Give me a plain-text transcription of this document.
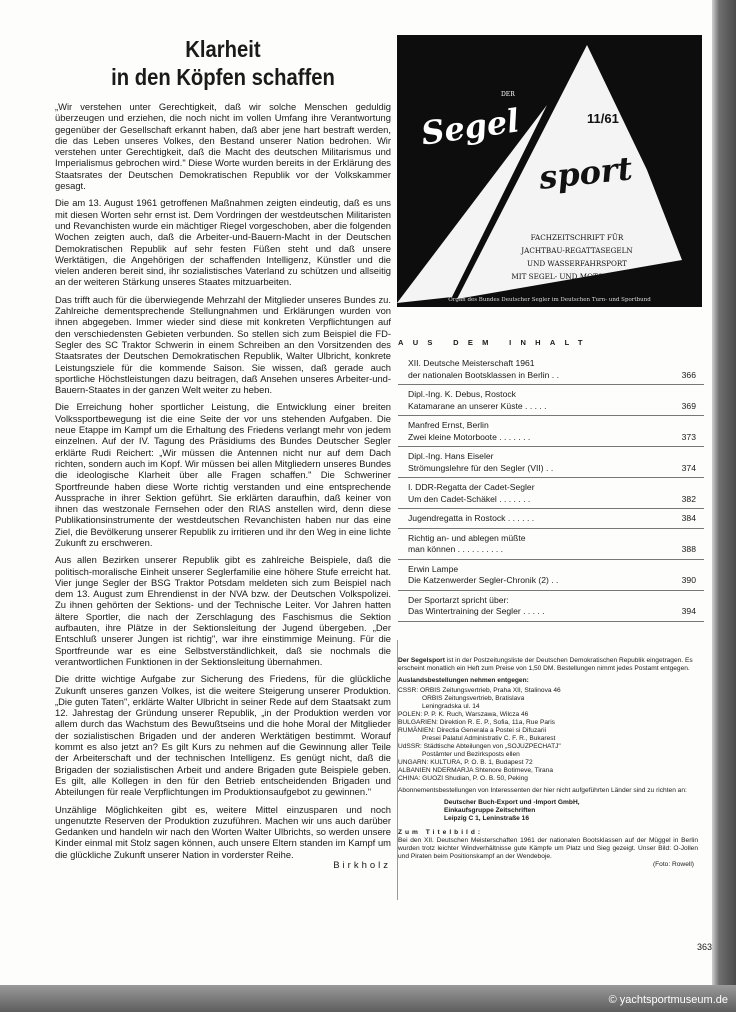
Klarheit
in den Köpfen schaffen

„Wir verstehen unter Gerechtigkeit, daß wir solche Menschen geduldig überzeugen und erziehen, die noch nicht im vollen Umfang ihre Verantwortung gegenüber der Gesellschaft erkannt haben, daß aber jene hart bestraft werden, die das Leben unseres Volkes, den Bestand unserer Nation bedrohen. Wir verstehen unter Gerechtigkeit, daß die Macht des deutschen Militarismus und Imperialismus gebrochen wird." Diese Worte wurden bereits in der Erklärung des Staatsrates der Deutschen Demokratischen Republik vor der Volkskammer gesagt.

Die am 13. August 1961 getroffenen Maßnahmen zeigten eindeutig, daß es uns mit diesen Worten sehr ernst ist. Dem Vordringen der westdeutschen Militaristen und Revanchisten wurde ein mächtiger Riegel vorgeschoben, aber die folgenden Wochen zeigten auch, daß die Arbeiter-und-Bauern-Macht in der Deutschen Demokratischen Republik auf sehr festen Füßen steht und daß unsere Werktätigen, die Angehörigen der schaffenden Intelligenz, Künstler und die vielen anderen bereit sind, ihr sozialistisches Vaterland zu schützen und allseitig an der weiteren Stärkung unseres Staates mitzuarbeiten.

Das trifft auch für die überwiegende Mehrzahl der Mitglieder unseres Bundes zu. Zahlreiche dementsprechende Stellungnahmen und Erklärungen wurden von ihnen abgegeben. Immer wieder sind diese mit konkreten Verpflichtungen auf den verschiedensten Gebieten verbunden. So stellen sich zum Beispiel die FD-Segler des SC Traktor Schwerin in einem Schreiben an den Vorsitzenden des Staatsrates der Deutschen Demokratischen Republik, Walter Ulbricht, konkrete Leistungsziele für die kommende Saison. Sie wissen, daß gerade auch sportliche Höchstleistungen dazu beitragen, daß Ansehen unseres Arbeiter-und-Bauern-Staates in der ganzen Welt weiter zu heben.

Die Erreichung hoher sportlicher Leistung, die Entwicklung einer breiten Volkssportbewegung ist die eine Seite der vor uns stehenden Aufgaben. Die neue Etappe im Kampf um die Erhaltung des Friedens verlangt mehr von jedem einzelnen. Auf der IV. Tagung des Präsidiums des Bundes Deutscher Segler erklärte Rudi Reichert: „Wir müssen die Antennen nicht nur auf dem Dach richten, sondern auch im Kopf. Wir müssen bei allen Mitgliedern unseres Bundes die ideologische Klarheit über alle Fragen schaffen." Die Schweriner Sportfreunde haben diese Worte richtig verstanden und eine entsprechende Aussprache in ihrer Sektion geführt. Sie erklärten daraufhin, daß keiner von ihnen das westzonale Fernsehen oder den RIAS anstellen wird, denn diese Publikationsinstrumente der westdeutschen Revanchisten haben nur das eine Ziel, die Bevölkerung unserer Republik zu irritieren und ihr den Weg in eine lichte Zukunft zu erschweren.

Aus allen Bezirken unserer Republik gibt es zahlreiche Beispiele, daß die politisch-moralische Einheit unserer Seglerfamilie eine höhere Stufe erreicht hat. Vier junge Segler der BSG Traktor Potsdam meldeten sich zum Beispiel nach dem 13. August zum Ehrendienst in der NVA bzw. der Deutschen Volkspolizei. Zu ihnen gehörten der Sektions- und der Technische Leiter. Vor Jahren hatten ältere Sportler, die nach der Zerschlagung des Faschismus die Sektion aufbauten, ihre Plätze in der Sektionsleitung der Jugend übergeben. „Der Entschluß unserer Jungen ist richtig", war ihre einstimmige Meinung. Für die Sportfreunde war es eine Selbstverständlichkeit, daß sie nochmals die verantwortlichen Funktionen in der Sektionsleitung übernahmen.

Die dritte wichtige Aufgabe zur Sicherung des Friedens, für die glückliche Zukunft unseres ganzen Volkes, ist die weitere Steigerung unserer Produktion. „Die guten Taten", erklärte Walter Ulbricht in seiner Rede auf dem Staatsakt zum 12. Jahrestag der Gründung unserer Republik, „in der Produktion werden vor allem durch das Wachstum des Bewußtseins und die hohe Moral der Mitglieder der sozialistischen Brigaden und der anderen Werktätigen bestimmt. Worauf kommt es also jetzt an? Es gilt Kurs zu nehmen auf die Gewinnung aller Teile der Arbeiterschaft und der technischen Intelligenz. Es genügt nicht, daß die Brigaden der sozialistischen Arbeit und andere Brigaden gute Beispiele geben. Es gilt, alle Kollegen in den für den Betrieb entscheidenden Brigaden und Abteilungen für reale Verpflichtungen im Produktionsaufgebot zu gewinnen."

Unzählige Möglichkeiten gibt es, weitere Mittel einzusparen und noch ungenutzte Reserven der Produktion zuzuführen. Machen wir uns auch darüber Gedanken und handeln wir nach den Worten Walter Ulbrichts, so werden unsere Kinder einmal mit Stolz sagen können, auch unsere Eltern standen im Kampf um die glückliche Zukunft unserer Nation in vorderster Reihe.

Birkholz
DER
Segel
sport
11/61
FACHZEITSCHRIFT FÜR
JACHTBAU-REGATTASEGELN
UND WASSERFAHRSPORT
MIT SEGEL- UND MOTORBOOTEN
Organ des Bundes Deutscher Segler im Deutschen Turn- und Sportbund
AUS DEM INHALT
XII. Deutsche Meisterschaft 1961
der nationalen Bootsklassen in Berlin . .	366
Dipl.-Ing. K. Debus, Rostock
Katamarane an unserer Küste . . . . .	369
Manfred Ernst, Berlin
Zwei kleine Motorboote . . . . . . .	373
Dipl.-Ing. Hans Eiseler
Strömungslehre für den Segler (VII) . .	374
I. DDR-Regatta der Cadet-Segler
Um den Cadet-Schäkel . . . . . . .	382
Jugendregatta in Rostock . . . . . .	384
Richtig an- und ablegen müßte
man können . . . . . . . . . .	388
Erwin Lampe
Die Katzenwerder Segler-Chronik (2) . .	390
Der Sportarzt spricht über:
Das Wintertraining der Segler . . . . .	394

Der Segelsport ist in der Postzeitungsliste der Deutschen Demokratischen Republik eingetragen. Es erscheint monatlich ein Heft zum Preise von 1,50 DM. Bestellungen nimmt jedes Postamt entgegen.

Auslandsbestellungen nehmen entgegen:

CSSR: ORBIS Zeitungsvertrieb, Praha XII, Stalinova 46
ORBIS Zeitungsvertrieb, Bratislava
Leningradska ul. 14
POLEN: P. P. K. Ruch, Warszawa, Wilcza 46
BULGARIEN: Direktion R. E. P., Sofia, 11a, Rue Paris
RUMÄNIEN: Directia Generala a Postei si Difuzarii
Presei Palatul Administrativ C. F. R., Bukarest
UdSSR: Städtische Abteilungen von „SOJUZPECHATJ"
Postämter und Bezirksposts ellen
UNGARN: KULTURA, P. O. B. 1, Budapest 72
ALBANIEN NDERMARJA Shtenore Botimeve, Tirana
CHINA: GUOZI Shudian, P. O. B. 50, Peking

Abonnementsbestellungen von Interessenten der hier nicht aufgeführten Länder sind zu richten an:

Deutscher Buch-Export und -Import GmbH,
Einkaufsgruppe Zeitschriften
Leipzig C 1, Leninstraße 16
Zum Titelbild:

Bei den XII. Deutschen Meisterschaften 1961 der nationalen Bootsklassen auf der Müggel in Berlin wurden trotz leichter Windverhältnisse gute Kämpfe um Platz und Sieg gezeigt. Unser Bild: O-Jollen und Piraten beim Positionskampf an der Wendeboje.

(Foto: Rowell)
363
© yachtsportmuseum.de
